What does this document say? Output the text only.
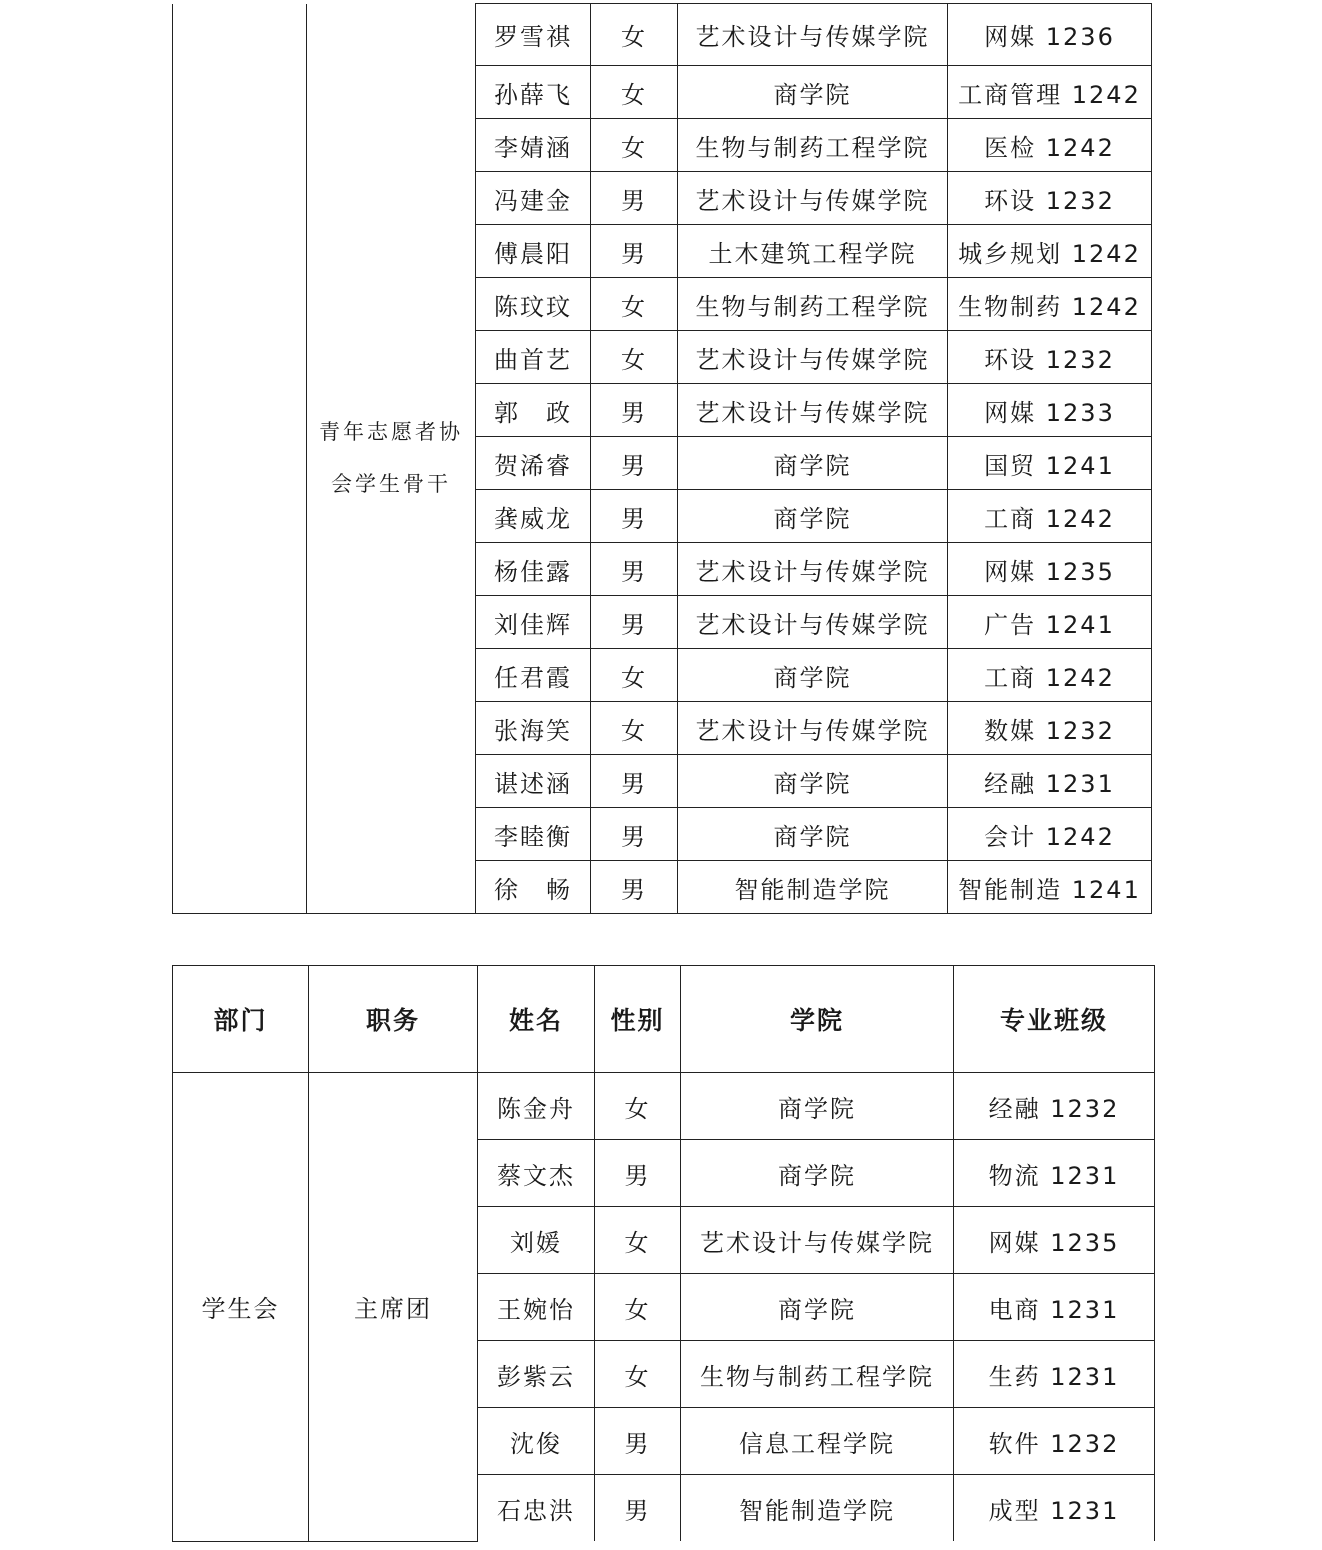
	青年志愿者协会学生骨干	罗雪祺	女	艺术设计与传媒学院	网媒 1236
		孙薛飞	女	商学院	工商管理 1242
		李婧涵	女	生物与制药工程学院	医检 1242
		冯建金	男	艺术设计与传媒学院	环设 1232
		傅晨阳	男	土木建筑工程学院	城乡规划 1242
		陈玟玟	女	生物与制药工程学院	生物制药 1242
		曲首艺	女	艺术设计与传媒学院	环设 1232
		郭　政	男	艺术设计与传媒学院	网媒 1233
		贺浠睿	男	商学院	国贸 1241
		龚威龙	男	商学院	工商 1242
		杨佳露	男	艺术设计与传媒学院	网媒 1235
		刘佳辉	男	艺术设计与传媒学院	广告 1241
		任君霞	女	商学院	工商 1242
		张海笑	女	艺术设计与传媒学院	数媒 1232
		谌述涵	男	商学院	经融 1231
		李睦衡	男	商学院	会计 1242
		徐　畅	男	智能制造学院	智能制造 1241
部门	职务	姓名	性别	学院	专业班级
学生会	主席团	陈金舟	女	商学院	经融 1232
		蔡文杰	男	商学院	物流 1231
		刘媛	女	艺术设计与传媒学院	网媒 1235
		王婉怡	女	商学院	电商 1231
		彭紫云	女	生物与制药工程学院	生药 1231
		沈俊	男	信息工程学院	软件 1232
		石忠洪	男	智能制造学院	成型 1231
